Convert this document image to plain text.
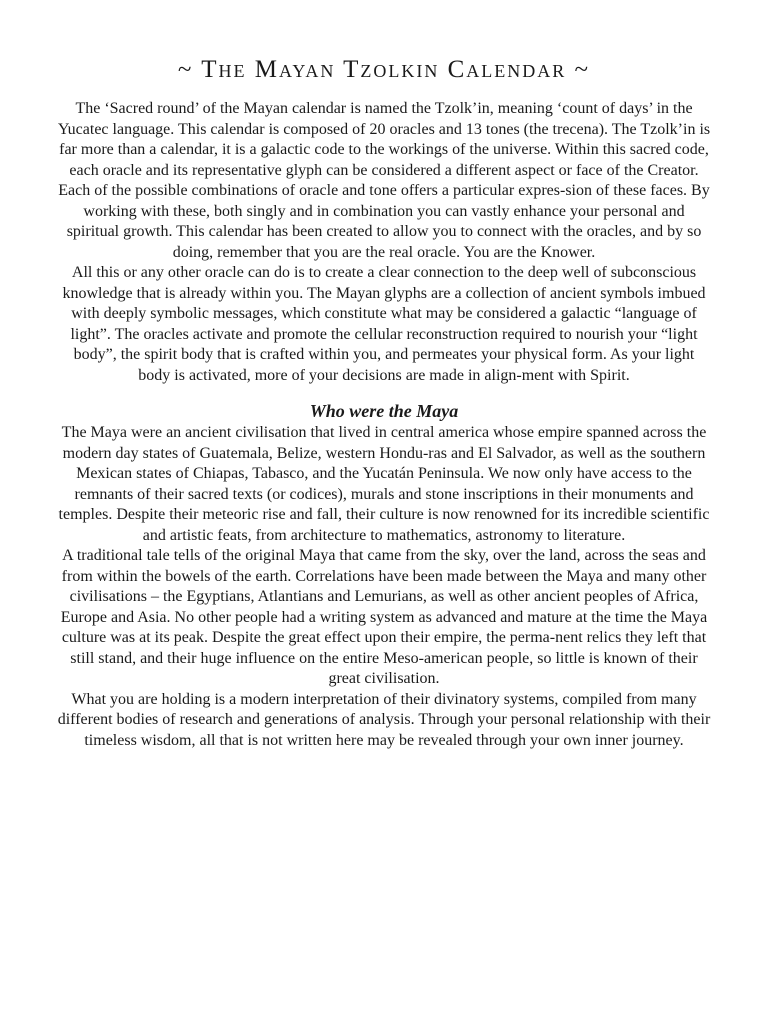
~ The Mayan Tzolkin Calendar ~

The ‘Sacred round’ of the Mayan calendar is named the Tzolk’in, meaning ‘count of days’ in the Yucatec language. This calendar is composed of 20 oracles and 13 tones (the trecena). The Tzolk’in is far more than a calendar, it is a galactic code to the workings of the universe. Within this sacred code, each oracle and its representative glyph can be considered a different aspect or face of the Creator. Each of the possible combinations of oracle and tone offers a particular expres-sion of these faces. By working with these, both singly and in combination you can vastly enhance your personal and spiritual growth. This calendar has been created to allow you to connect with the oracles, and by so doing, remember that you are the real oracle. You are the Knower.

All this or any other oracle can do is to create a clear connection to the deep well of subconscious knowledge that is already within you. The Mayan glyphs are a collection of ancient symbols imbued with deeply symbolic messages, which constitute what may be considered a galactic “language of light”. The oracles activate and promote the cellular reconstruction required to nourish your “light body”, the spirit body that is crafted within you, and permeates your physical form. As your light body is activated, more of your decisions are made in align-ment with Spirit.

Who were the Maya

The Maya were an ancient civilisation that lived in central america whose empire spanned across the modern day states of Guatemala, Belize, western Hondu-ras and El Salvador, as well as the southern Mexican states of Chiapas, Tabasco, and the Yucatán Peninsula. We now only have access to the remnants of their sacred texts (or codices), murals and stone inscriptions in their monuments and temples. Despite their meteoric rise and fall, their culture is now renowned for its incredible scientific and artistic feats, from architecture to mathematics, astronomy to literature.

A traditional tale tells of the original Maya that came from the sky, over the land, across the seas and from within the bowels of the earth. Correlations have been made between the Maya and many other civilisations – the Egyptians, Atlantians and Lemurians, as well as other ancient peoples of Africa, Europe and Asia. No other people had a writing system as advanced and mature at the time the Maya culture was at its peak. Despite the great effect upon their empire, the perma-nent relics they left that still stand, and their huge influence on the entire Meso-american people, so little is known of their great civilisation.

What you are holding is a modern interpretation of their divinatory systems, compiled from many different bodies of research and generations of analysis. Through your personal relationship with their timeless wisdom, all that is not written here may be revealed through your own inner journey.
